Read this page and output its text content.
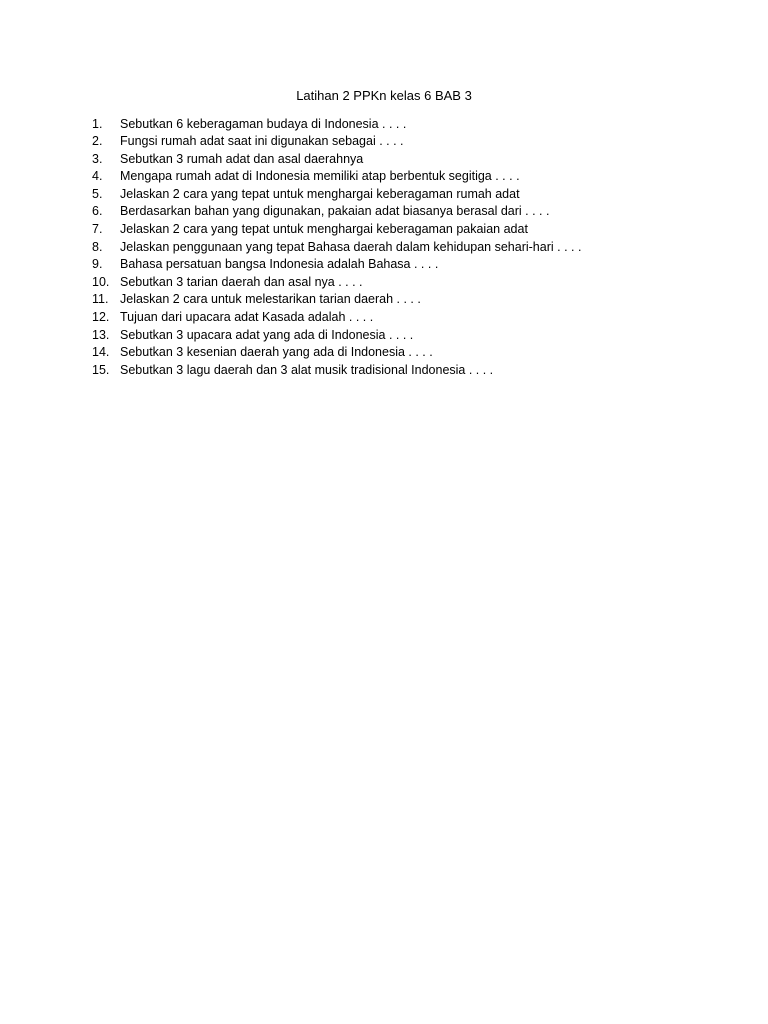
Latihan 2 PPKn kelas 6 BAB 3
1.	Sebutkan 6 keberagaman budaya di Indonesia . . . .
2.	Fungsi rumah adat saat ini digunakan sebagai . . . .
3.	Sebutkan 3 rumah adat dan asal daerahnya
4.	Mengapa rumah adat di Indonesia memiliki atap berbentuk segitiga . . . .
5.	Jelaskan 2 cara yang tepat untuk menghargai keberagaman rumah adat
6.	Berdasarkan bahan yang digunakan, pakaian adat biasanya berasal dari . . . .
7.	Jelaskan 2 cara yang tepat untuk menghargai keberagaman pakaian adat
8.	Jelaskan penggunaan yang tepat Bahasa daerah dalam kehidupan sehari-hari . . . .
9.	Bahasa persatuan bangsa Indonesia adalah Bahasa . . . .
10. Sebutkan 3 tarian daerah dan asal nya . . . .
11. Jelaskan 2 cara untuk melestarikan tarian daerah . . . .
12. Tujuan dari upacara adat Kasada adalah . . . .
13. Sebutkan 3 upacara adat yang ada di Indonesia . . . .
14. Sebutkan 3 kesenian daerah yang ada di Indonesia . . . .
15. Sebutkan 3 lagu daerah dan 3 alat musik tradisional Indonesia . . . .
